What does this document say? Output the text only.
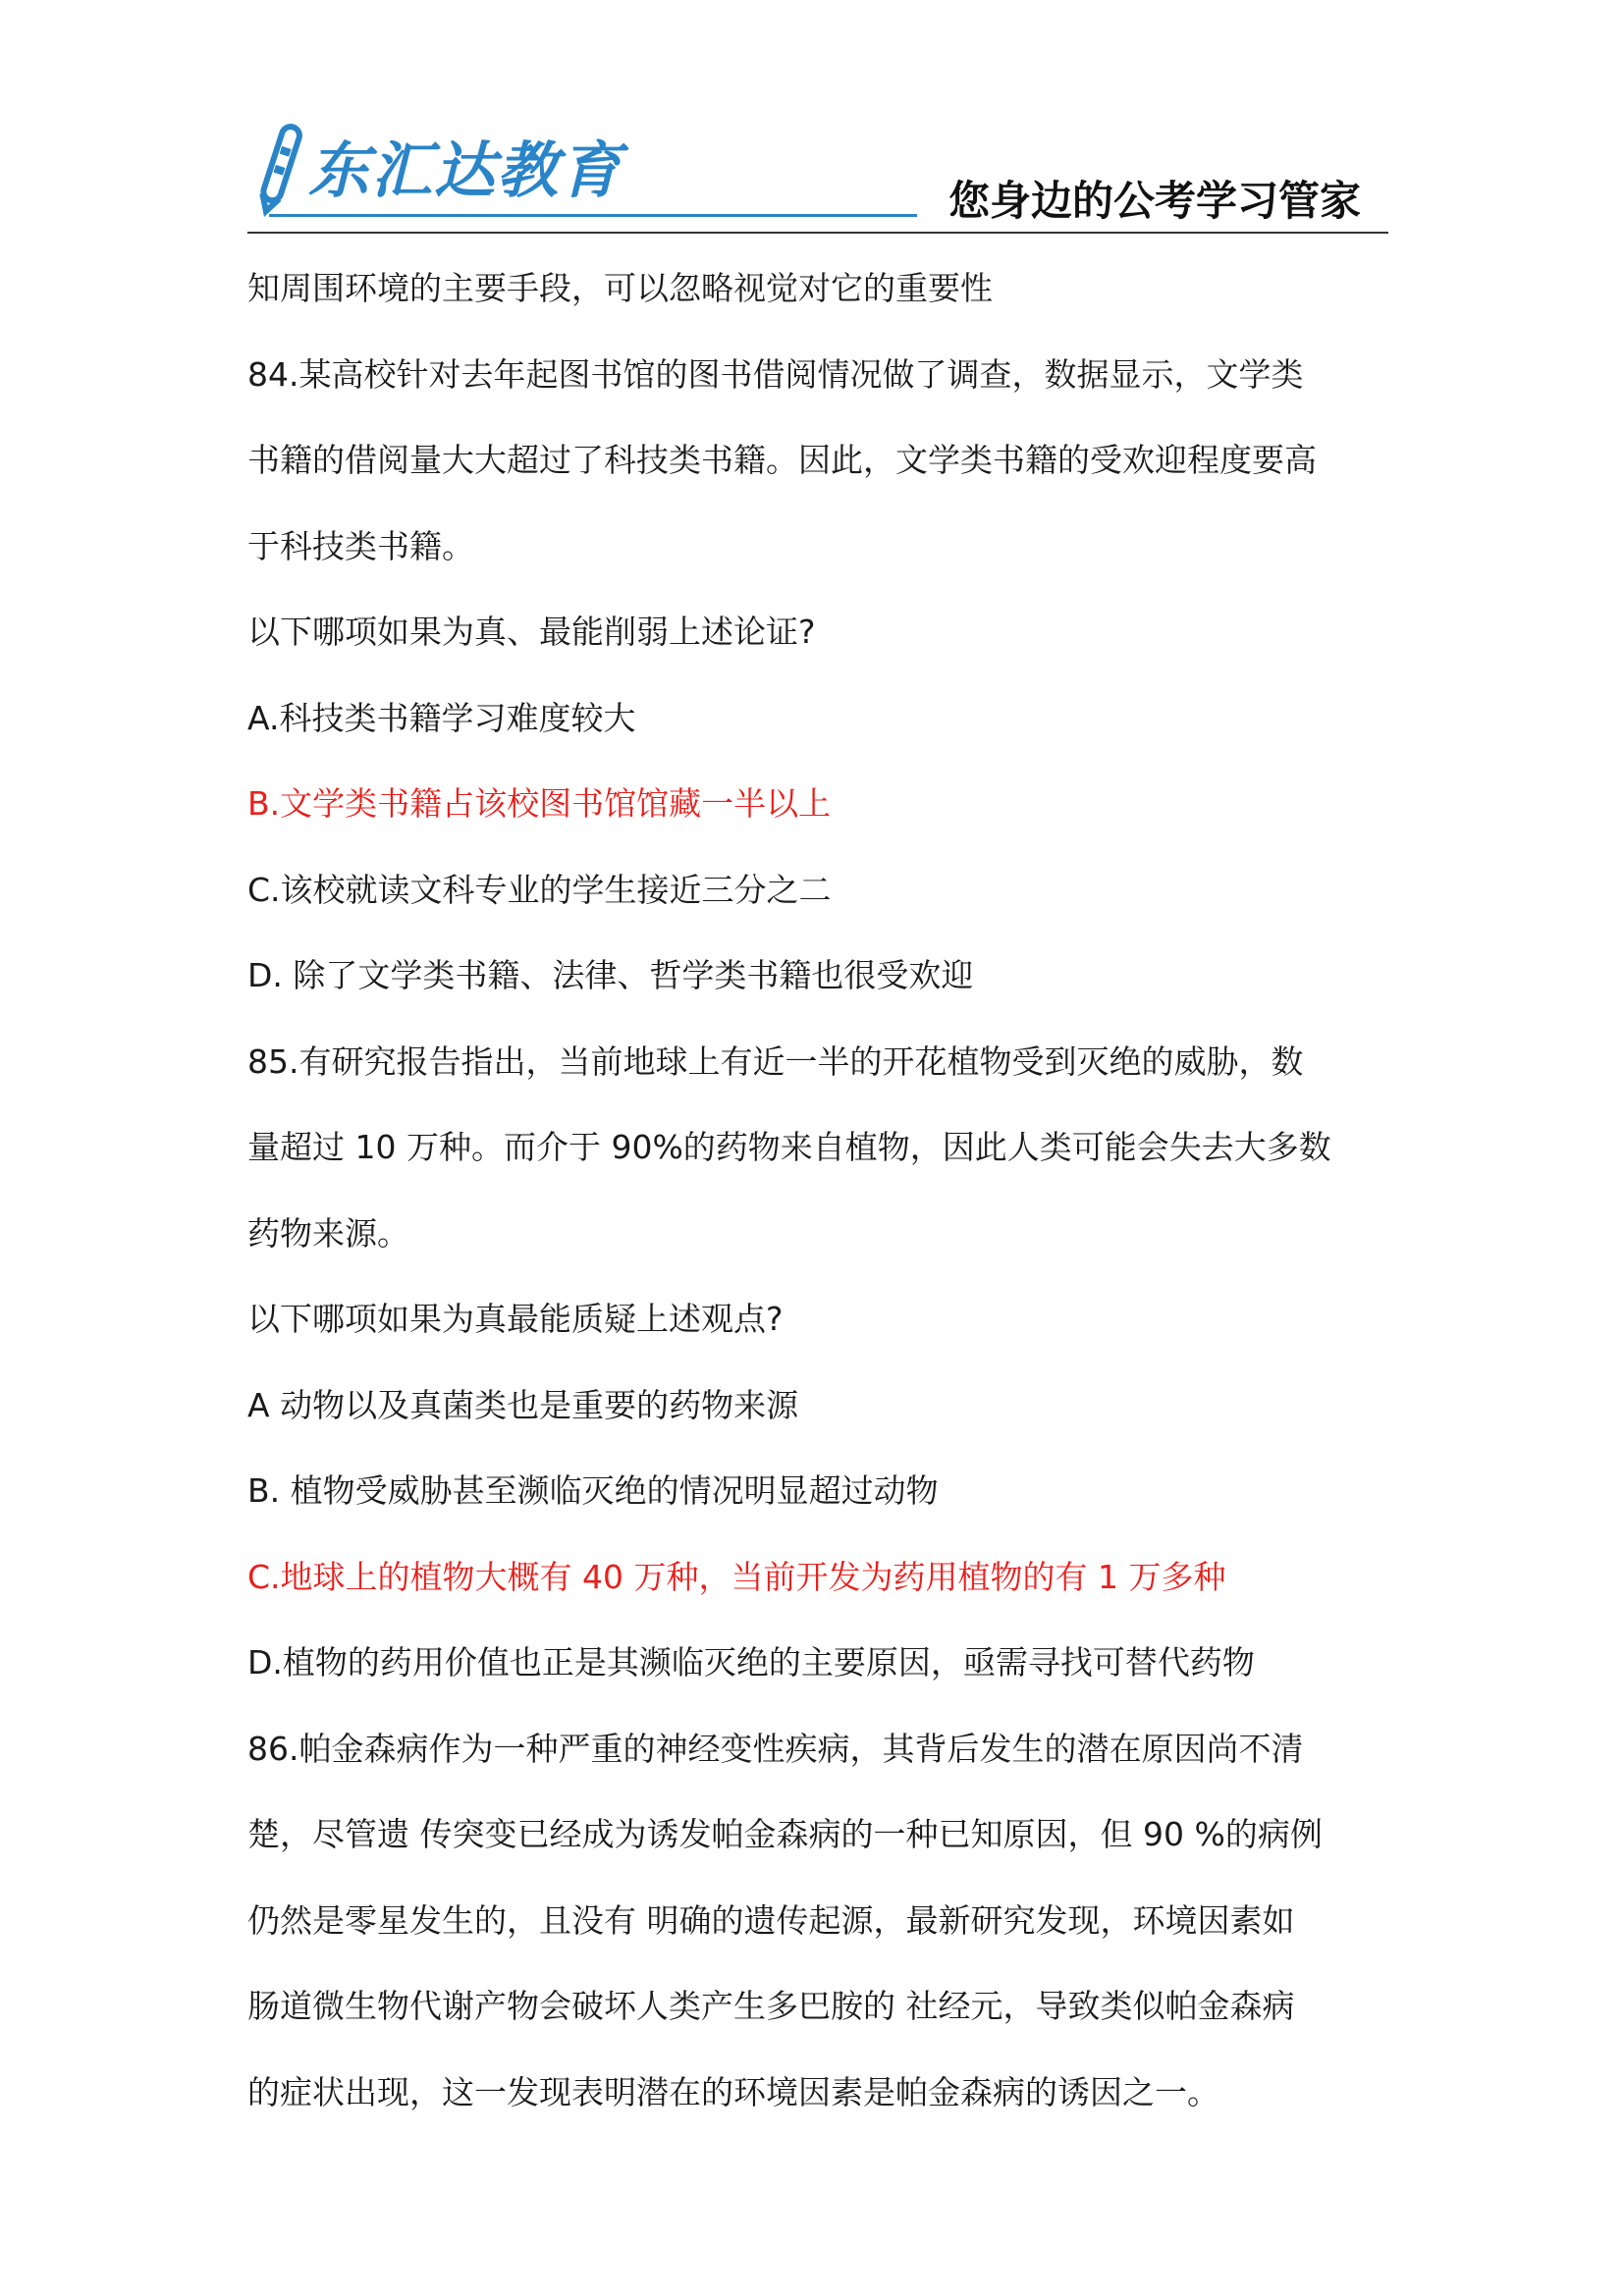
东汇达教育	您身边的公考学习管家
知周围环境的主要手段，可以忽略视觉对它的重要性
84.某高校针对去年起图书馆的图书借阅情况做了调查，数据显示，文学类
书籍的借阅量大大超过了科技类书籍。因此，文学类书籍的受欢迎程度要高
于科技类书籍。
以下哪项如果为真、最能削弱上述论证?
A.科技类书籍学习难度较大
B.文学类书籍占该校图书馆馆藏一半以上
C.该校就读文科专业的学生接近三分之二
D. 除了文学类书籍、法律、哲学类书籍也很受欢迎
85.有研究报告指出，当前地球上有近一半的开花植物受到灭绝的威胁，数
量超过 10 万种。而介于 90%的药物来自植物，因此人类可能会失去大多数
药物来源。
以下哪项如果为真最能质疑上述观点?
A 动物以及真菌类也是重要的药物来源
B. 植物受威胁甚至濒临灭绝的情况明显超过动物
C.地球上的植物大概有 40 万种，当前开发为药用植物的有 1 万多种
D.植物的药用价值也正是其濒临灭绝的主要原因，亟需寻找可替代药物
86.帕金森病作为一种严重的神经变性疾病，其背后发生的潜在原因尚不清
楚，尽管遗 传突变已经成为诱发帕金森病的一种已知原因，但 90 %的病例
仍然是零星发生的，且没有 明确的遗传起源，最新研究发现，环境因素如
肠道微生物代谢产物会破坏人类产生多巴胺的 社经元，导致类似帕金森病
的症状出现，这一发现表明潜在的环境因素是帕金森病的诱因之一。
